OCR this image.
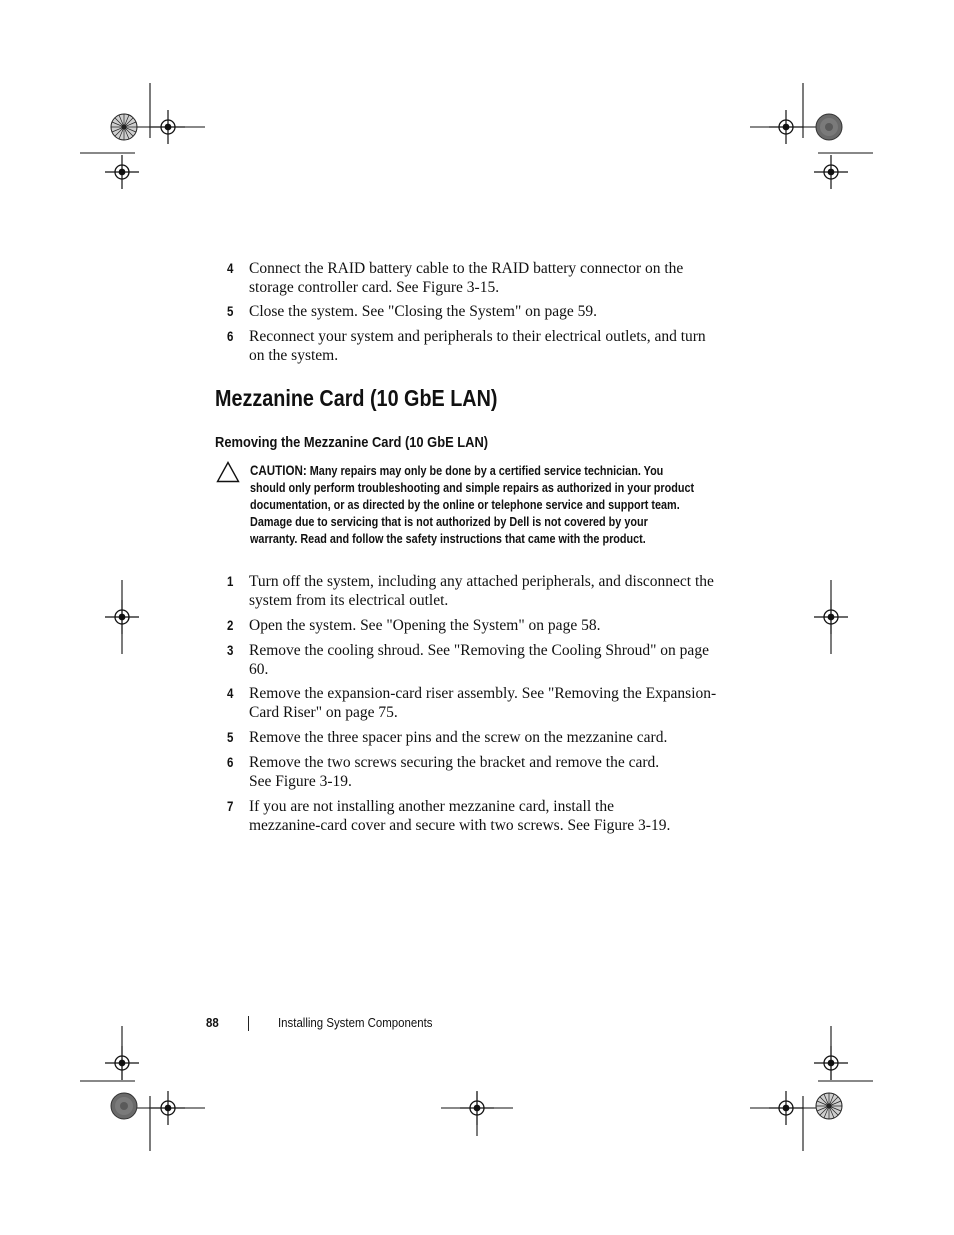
4 Connect the RAID battery cable to the RAID battery connector on the storage controller card. See Figure 3-15.
5 Close the system. See "Closing the System" on page 59.
6 Reconnect your system and peripherals to their electrical outlets, and turn on the system.
Mezzanine Card (10 GbE LAN)
Removing the Mezzanine Card (10 GbE LAN)
CAUTION: Many repairs may only be done by a certified service technician. You should only perform troubleshooting and simple repairs as authorized in your product documentation, or as directed by the online or telephone service and support team. Damage due to servicing that is not authorized by Dell is not covered by your warranty. Read and follow the safety instructions that came with the product.
1 Turn off the system, including any attached peripherals, and disconnect the system from its electrical outlet.
2 Open the system. See "Opening the System" on page 58.
3 Remove the cooling shroud. See "Removing the Cooling Shroud" on page 60.
4 Remove the expansion-card riser assembly. See "Removing the Expansion-Card Riser" on page 75.
5 Remove the three spacer pins and the screw on the mezzanine card.
6 Remove the two screws securing the bracket and remove the card. See Figure 3-19.
7 If you are not installing another mezzanine card, install the mezzanine-card cover and secure with two screws. See Figure 3-19.
88	Installing System Components
